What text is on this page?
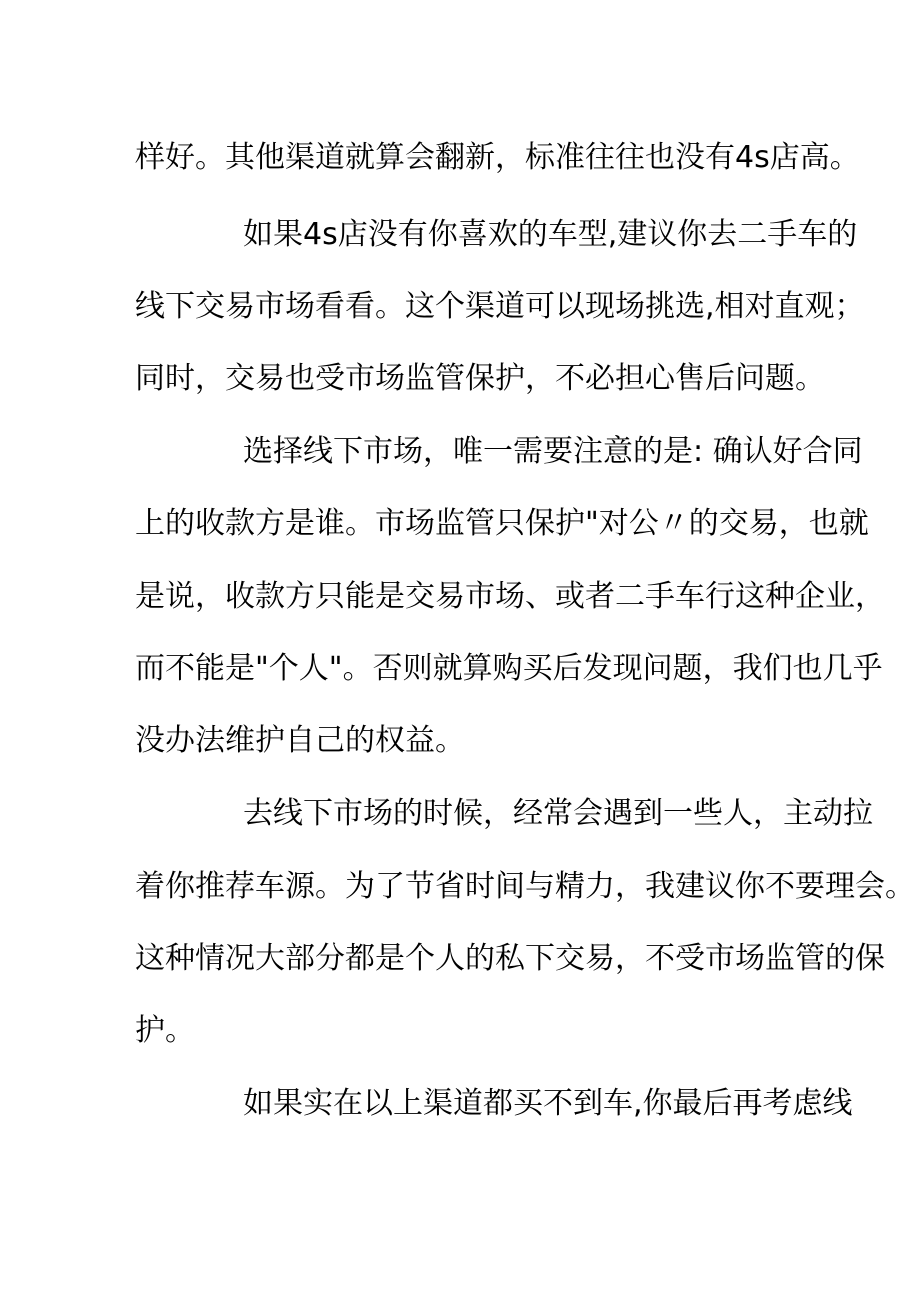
样好。其他渠道就算会翻新，标准往往也没有4s店高。
如果4s店没有你喜欢的车型,建议你去二手车的
线下交易市场看看。这个渠道可以现场挑选,相对直观；
同时，交易也受市场监管保护，不必担心售后问题。
选择线下市场，唯一需要注意的是: 确认好合同
上的收款方是谁。市场监管只保护"对公〃的交易，也就
是说，收款方只能是交易市场、或者二手车行这种企业，
而不能是"个人"。否则就算购买后发现问题，我们也几乎
没办法维护自己的权益。
去线下市场的时候，经常会遇到一些人，主动拉
着你推荐车源。为了节省时间与精力，我建议你不要理会。
这种情况大部分都是个人的私下交易，不受市场监管的保
护。
如果实在以上渠道都买不到车,你最后再考虑线
